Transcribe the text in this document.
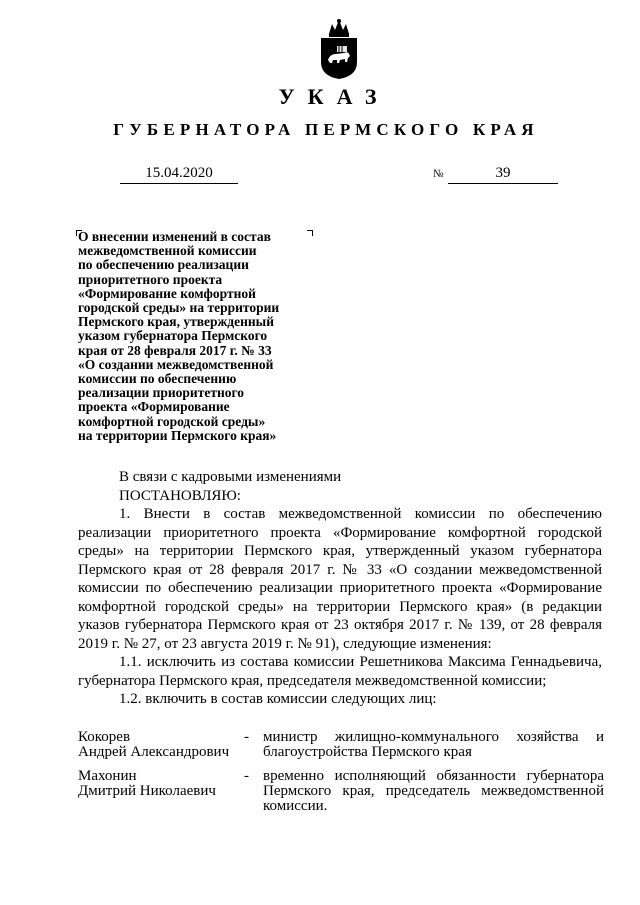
УКАЗ
ГУБЕРНАТОРА ПЕРМСКОГО КРАЯ
15.04.2020	№	39
О внесении изменений в состав
межведомственной комиссии
по обеспечению реализации
приоритетного проекта
«Формирование комфортной
городской среды» на территории
Пермского края, утвержденный
указом губернатора Пермского
края от 28 февраля 2017 г. № 33
«О создании межведомственной
комиссии по обеспечению
реализации приоритетного
проекта «Формирование
комфортной городской среды»
на территории Пермского края»

В связи с кадровыми изменениями

ПОСТАНОВЛЯЮ:

1. Внести в состав межведомственной комиссии по обеспечению реализации приоритетного проекта «Формирование комфортной городской среды» на территории Пермского края, утвержденный указом губернатора Пермского края от 28 февраля 2017 г. № 33 «О создании межведомственной комиссии по обеспечению реализации приоритетного проекта «Формирование комфортной городской среды» на территории Пермского края» (в редакции указов губернатора Пермского края от 23 октября 2017 г. № 139, от 28 февраля 2019 г. № 27, от 23 августа 2019 г. № 91), следующие изменения:

1.1. исключить из состава комиссии Решетникова Максима Геннадьевича, губернатора Пермского края, председателя межведомственной комиссии;

1.2. включить в состав комиссии следующих лиц:

Кокорев
Андрей Александрович
- министр жилищно-коммунального хозяйства и благоустройства Пермского края
Махонин
Дмитрий Николаевич
- временно исполняющий обязанности губернатора Пермского края, председатель межведомственной комиссии.
